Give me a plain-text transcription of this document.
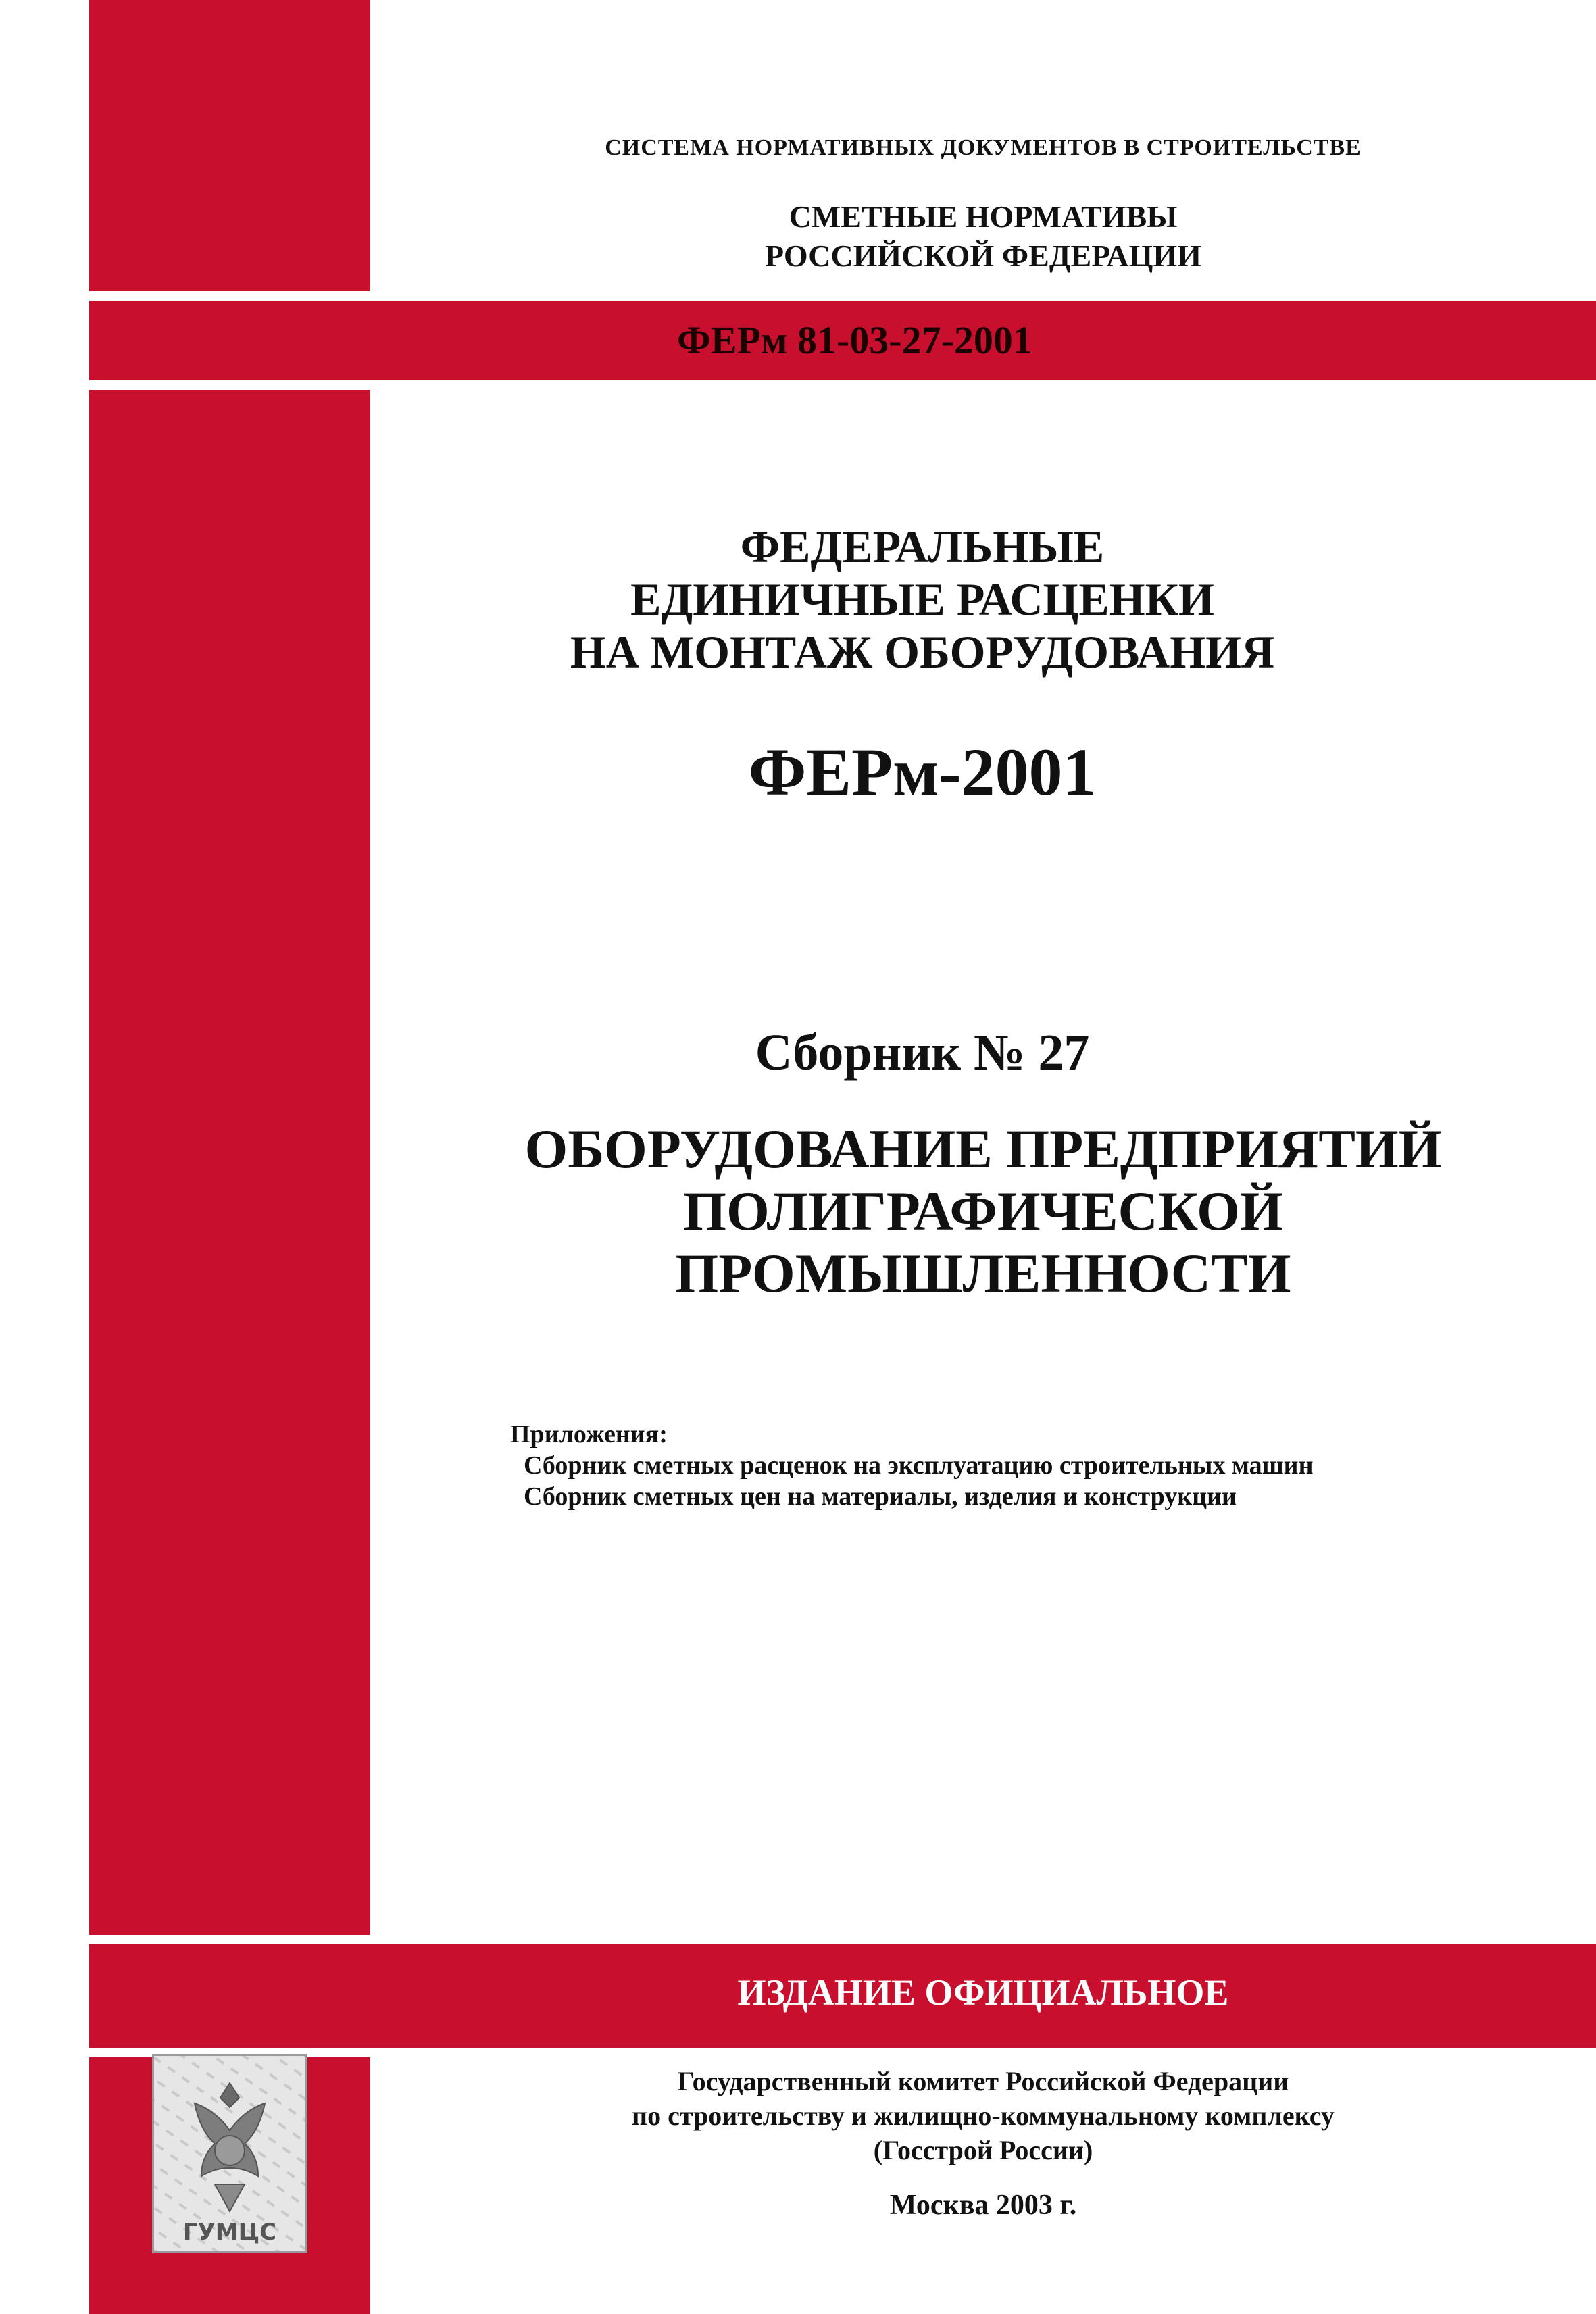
СИСТЕМА НОРМАТИВНЫХ ДОКУМЕНТОВ В СТРОИТЕЛЬСТВЕ
СМЕТНЫЕ НОРМАТИВЫ
РОССИЙСКОЙ ФЕДЕРАЦИИ
ФЕРм 81-03-27-2001
ФЕДЕРАЛЬНЫЕ
ЕДИНИЧНЫЕ РАСЦЕНКИ
НА МОНТАЖ ОБОРУДОВАНИЯ
ФЕРм-2001
Сборник № 27
ОБОРУДОВАНИЕ ПРЕДПРИЯТИЙ
ПОЛИГРАФИЧЕСКОЙ
ПРОМЫШЛЕННОСТИ
Приложения:
Сборник сметных расценок на эксплуатацию строительных машин
Сборник сметных цен на материалы, изделия и конструкции
ИЗДАНИЕ ОФИЦИАЛЬНОЕ
ГУМЦС
Государственный комитет Российской Федерации
по строительству и жилищно-коммунальному комплексу
(Госстрой России)
Москва 2003 г.
